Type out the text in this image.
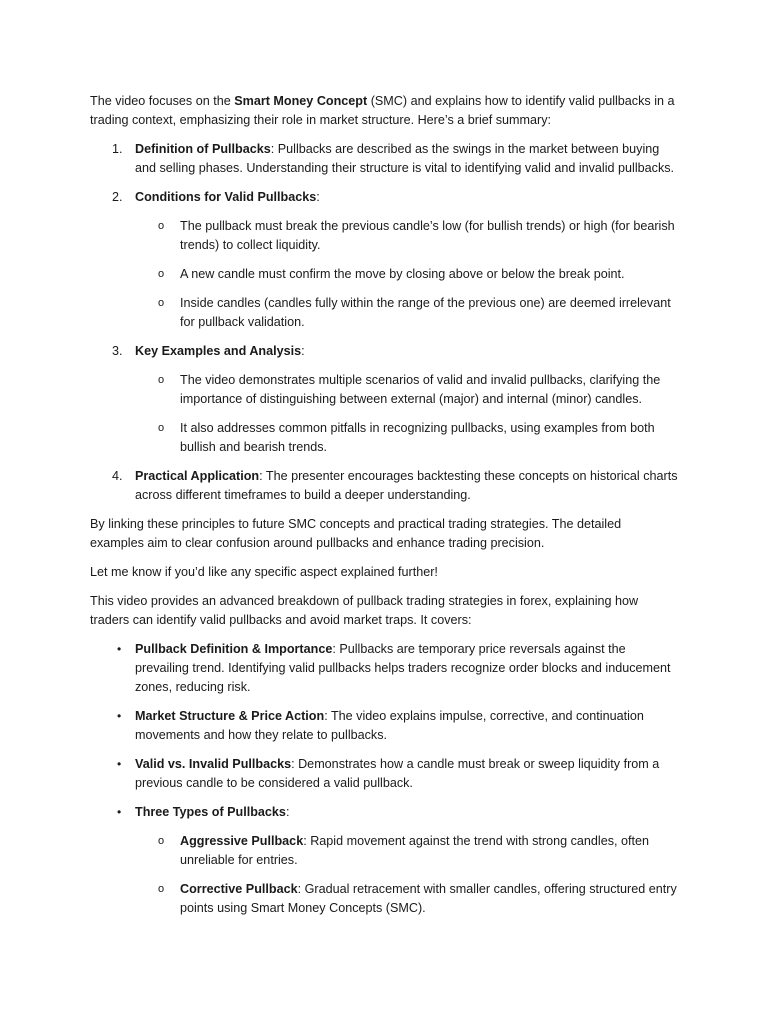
The video focuses on the Smart Money Concept (SMC) and explains how to identify valid pullbacks in a trading context, emphasizing their role in market structure. Here’s a brief summary:

1. Definition of Pullbacks: Pullbacks are described as the swings in the market between buying and selling phases. Understanding their structure is vital to identifying valid and invalid pullbacks.
2. Conditions for Valid Pullbacks:
o The pullback must break the previous candle’s low (for bullish trends) or high (for bearish trends) to collect liquidity.
o A new candle must confirm the move by closing above or below the break point.
o Inside candles (candles fully within the range of the previous one) are deemed irrelevant for pullback validation.
3. Key Examples and Analysis:
o The video demonstrates multiple scenarios of valid and invalid pullbacks, clarifying the importance of distinguishing between external (major) and internal (minor) candles.
o It also addresses common pitfalls in recognizing pullbacks, using examples from both bullish and bearish trends.
4. Practical Application: The presenter encourages backtesting these concepts on historical charts across different timeframes to build a deeper understanding.

By linking these principles to future SMC concepts and practical trading strategies. The detailed examples aim to clear confusion around pullbacks and enhance trading precision.

Let me know if you’d like any specific aspect explained further!

This video provides an advanced breakdown of pullback trading strategies in forex, explaining how traders can identify valid pullbacks and avoid market traps. It covers:

• Pullback Definition & Importance: Pullbacks are temporary price reversals against the prevailing trend. Identifying valid pullbacks helps traders recognize order blocks and inducement zones, reducing risk.
• Market Structure & Price Action: The video explains impulse, corrective, and continuation movements and how they relate to pullbacks.
• Valid vs. Invalid Pullbacks: Demonstrates how a candle must break or sweep liquidity from a previous candle to be considered a valid pullback.
• Three Types of Pullbacks:
o Aggressive Pullback: Rapid movement against the trend with strong candles, often unreliable for entries.
o Corrective Pullback: Gradual retracement with smaller candles, offering structured entry points using Smart Money Concepts (SMC).
